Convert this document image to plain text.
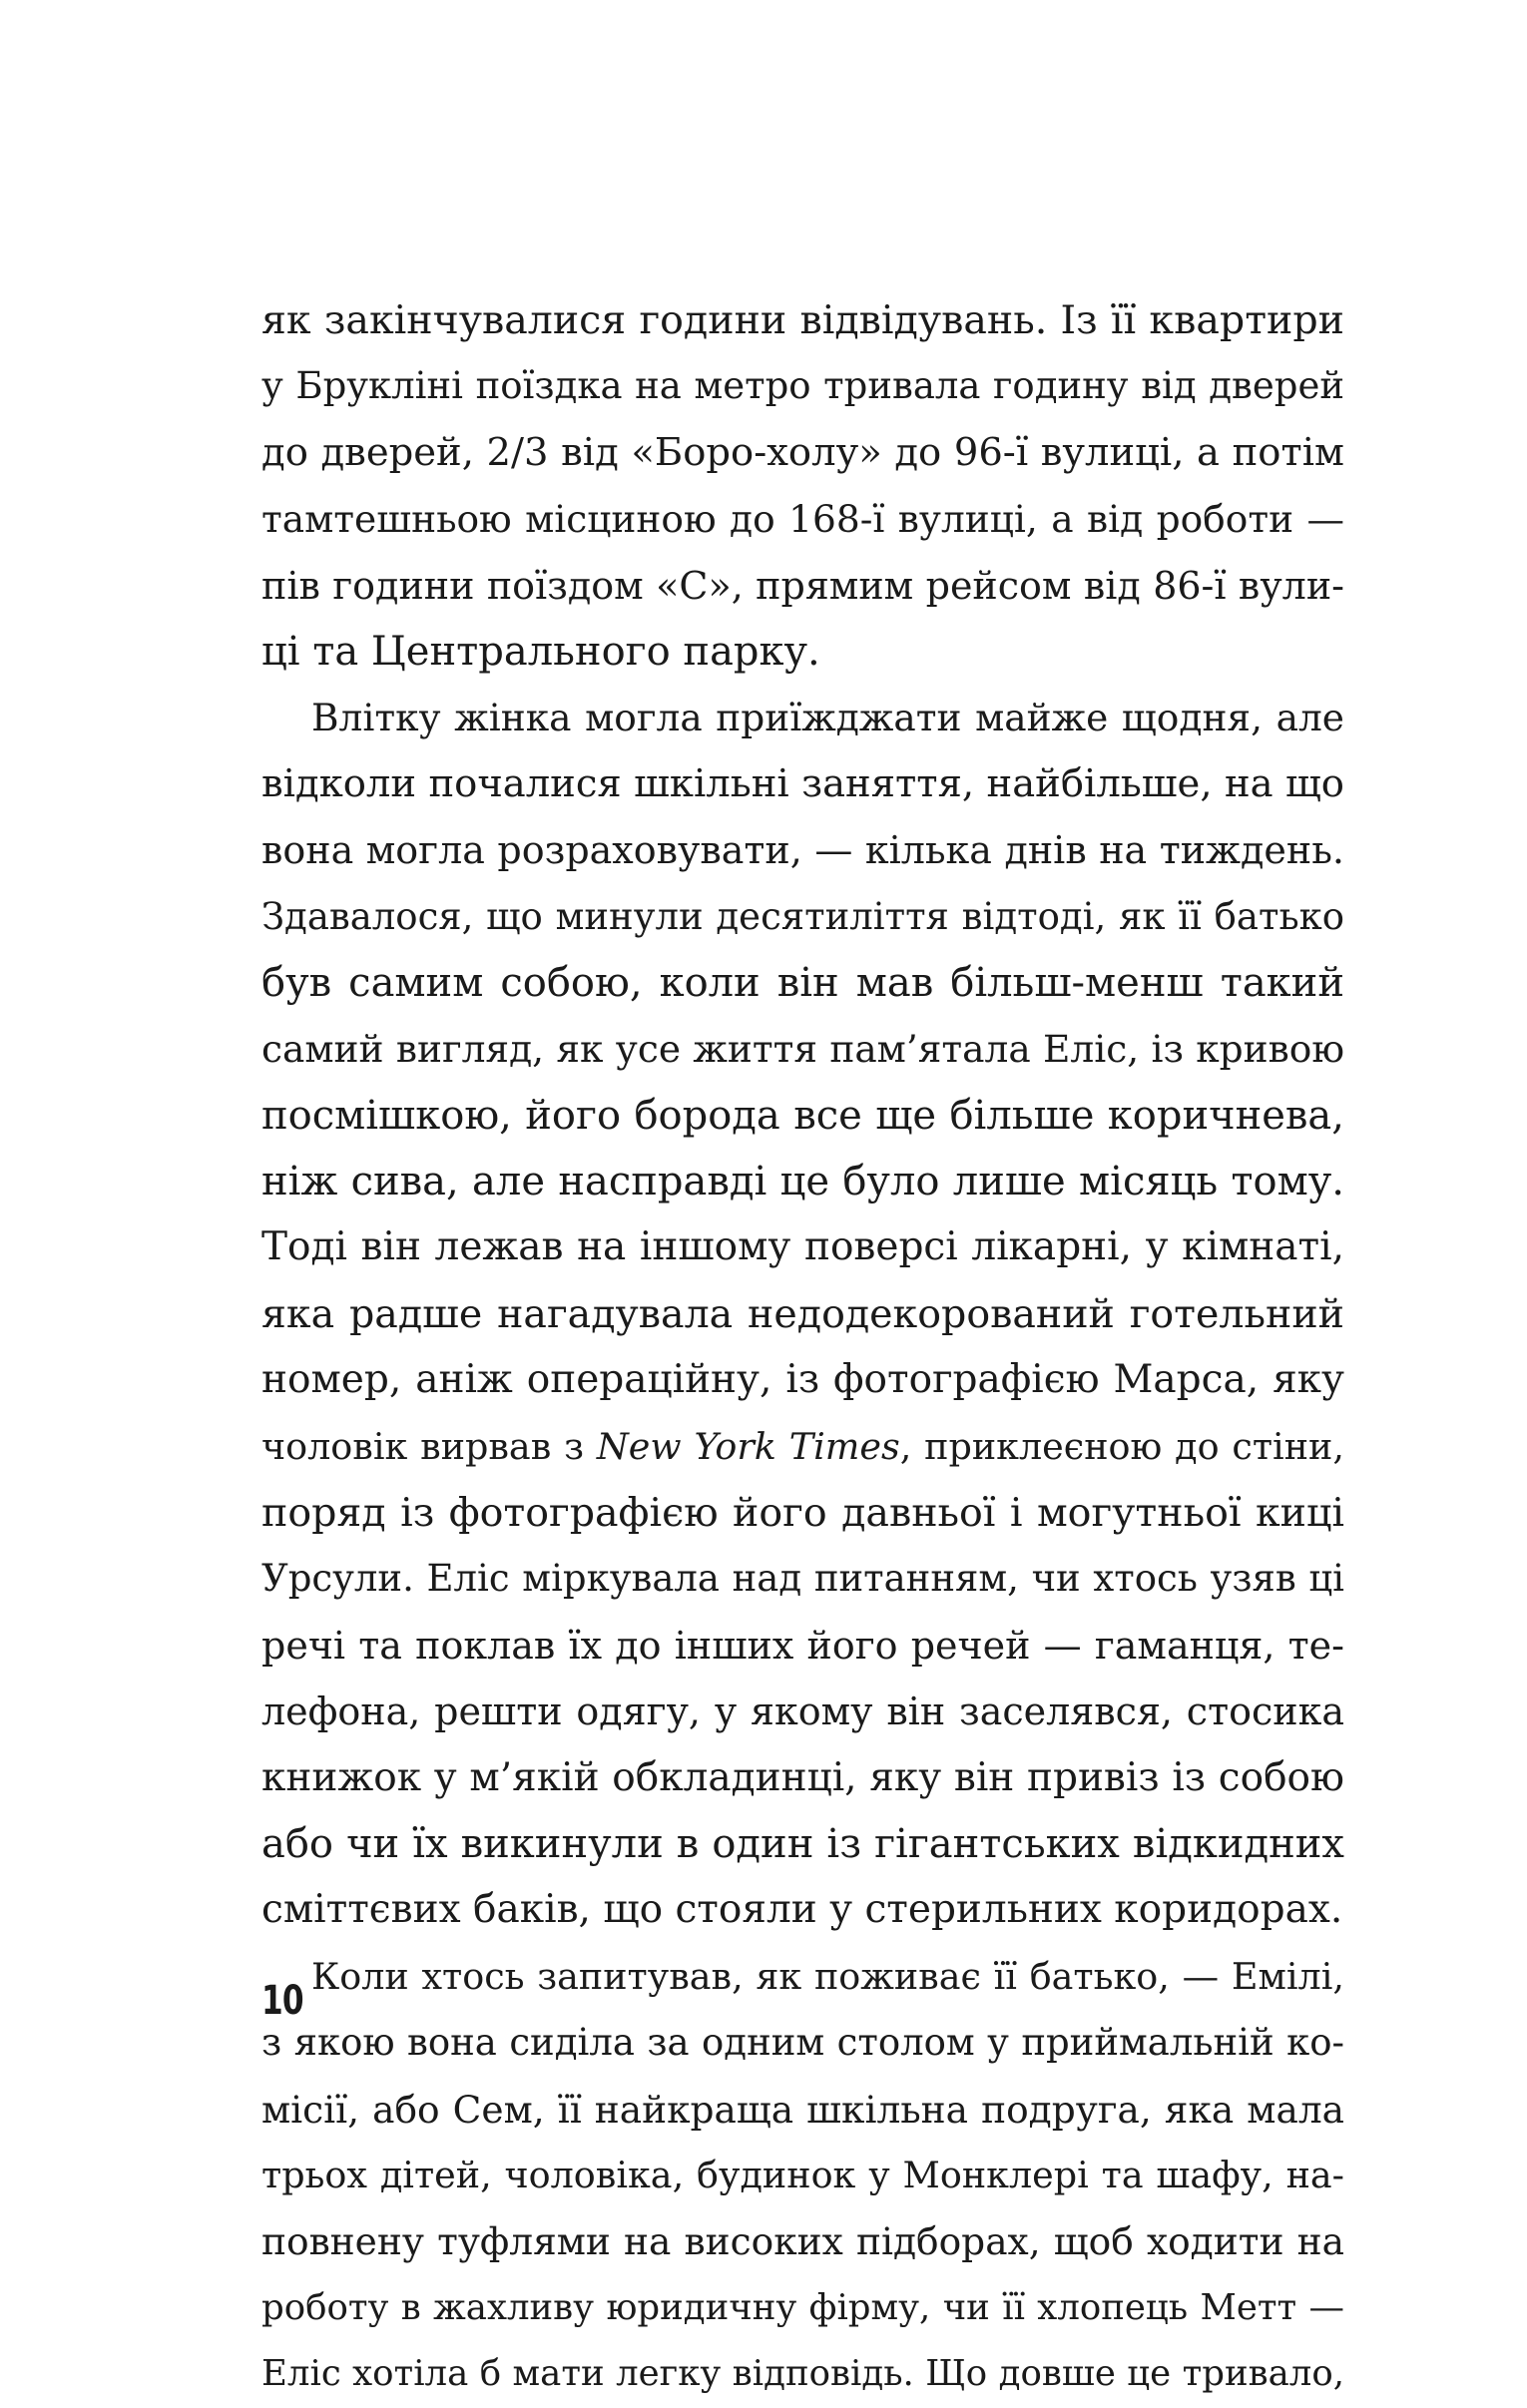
як закінчувалися години відвідувань. Із її квартири
у Брукліні поїздка на метро тривала годину від дверей
до дверей, 2/3 від «Боро-холу» до 96-ї вулиці, а потім
тамтешньою місциною до 168-ї вулиці, а від роботи —
пів години поїздом «С», прямим рейсом від 86-ї вули-
ці та Центрального парку.
Влітку жінка могла приїжджати майже щодня, але
відколи почалися шкільні заняття, найбільше, на що
вона могла розраховувати, — кілька днів на тиждень.
Здавалося, що минули десятиліття відтоді, як її батько
був самим собою, коли він мав більш-менш такий
самий вигляд, як усе життя пам’ятала Еліс, із кривою
посмішкою, його борода все ще більше коричнева,
ніж сива, але насправді це було лише місяць тому.
Тоді він лежав на іншому поверсі лікарні, у кімнаті,
яка радше нагадувала недодекорований готельний
номер, аніж операційну, із фотографією Марса, яку
чоловік вирвав з New York Times, приклеєною до стіни,
поряд із фотографією його давньої і могутньої киці
Урсули. Еліс міркувала над питанням, чи хтось узяв ці
речі та поклав їх до інших його речей — гаманця, те-
лефона, решти одягу, у якому він заселявся, стосика
книжок у м’якій обкладинці, яку він привіз із собою
або чи їх викинули в один із гігантських відкидних
сміттєвих баків, що стояли у стерильних коридорах.
Коли хтось запитував, як поживає її батько, — Емілі,
з якою вона сиділа за одним столом у приймальній ко-
місії, або Сем, її найкраща шкільна подруга, яка мала
трьох дітей, чоловіка, будинок у Монклері та шафу, на-
повнену туфлями на високих підборах, щоб ходити на
роботу в жахливу юридичну фірму, чи її хлопець Метт —
Еліс хотіла б мати легку відповідь. Що довше це тривало,
10
